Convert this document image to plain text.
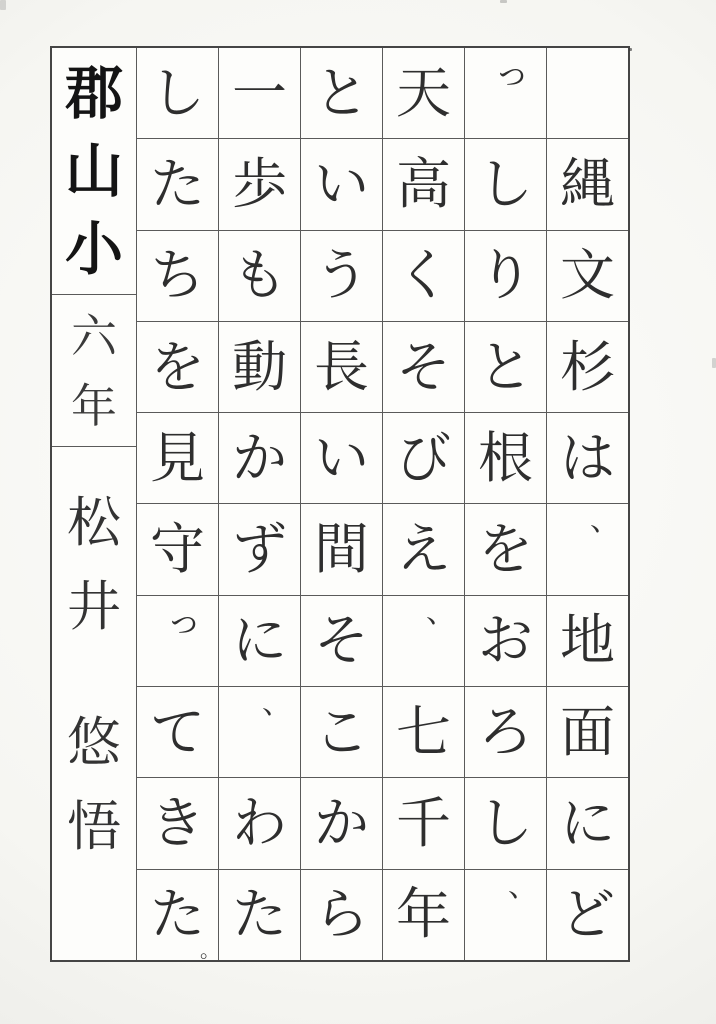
郡
山
小
六
年
松
井
悠
悟
縄
文
杉
は
、
地
面
に
ど
っ
し
り
と
根
を
お
ろ
し
、
天
高
く
そ
び
え
、
七
千
年
と
い
う
長
い
間
そ
こ
か
ら
一
歩
も
動
か
ず
に
、
わ
た
し
た
ち
を
見
守
っ
て
き
た
。
